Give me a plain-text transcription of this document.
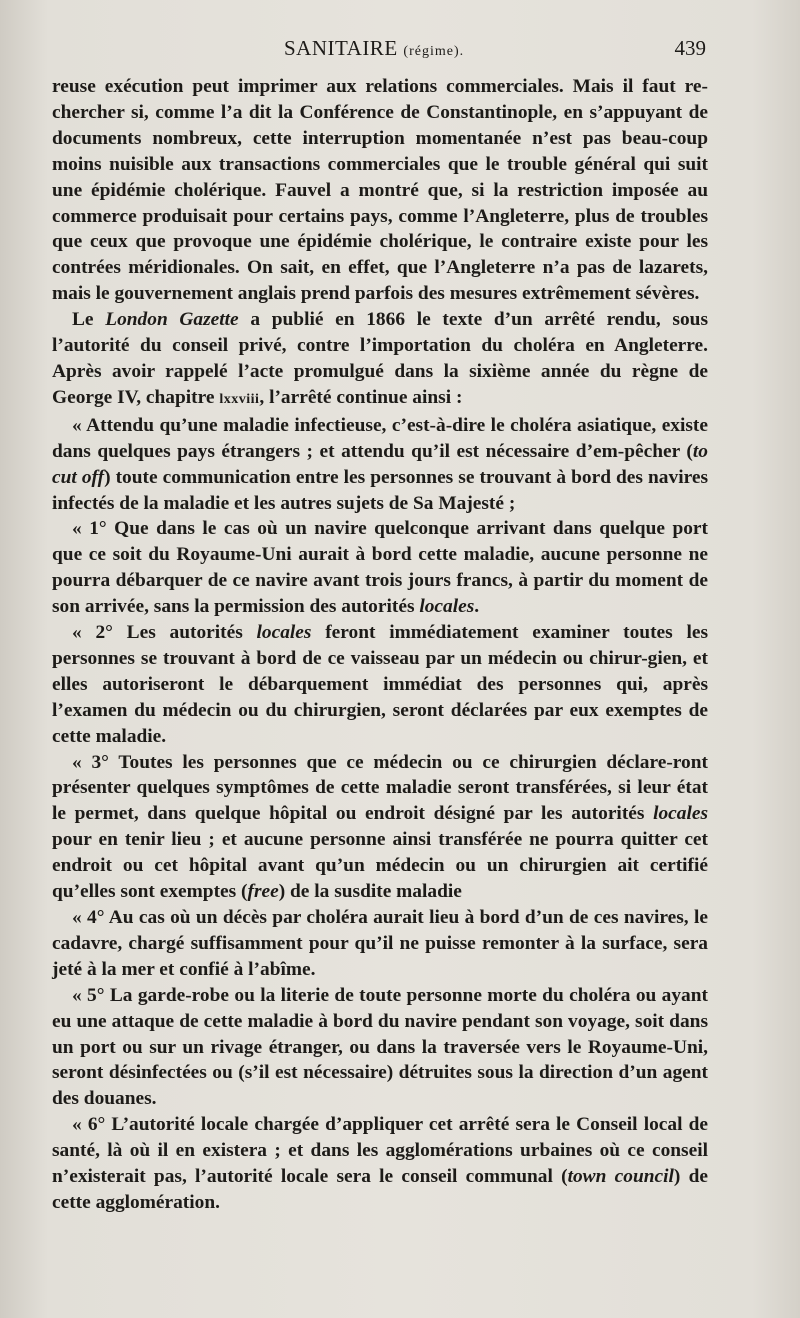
SANITAIRE (régime).	439

reuse exécution peut imprimer aux relations commerciales. Mais il faut re-chercher si, comme l’a dit la Conférence de Constantinople, en s’appuyant de documents nombreux, cette interruption momentanée n’est pas beau-coup moins nuisible aux transactions commerciales que le trouble général qui suit une épidémie cholérique. Fauvel a montré que, si la restriction imposée au commerce produisait pour certains pays, comme l’Angleterre, plus de troubles que ceux que provoque une épidémie cholérique, le contraire existe pour les contrées méridionales. On sait, en effet, que l’Angleterre n’a pas de lazarets, mais le gouvernement anglais prend parfois des mesures extrêmement sévères.

Le London Gazette a publié en 1866 le texte d’un arrêté rendu, sous l’autorité du conseil privé, contre l’importation du choléra en Angleterre. Après avoir rappelé l’acte promulgué dans la sixième année du règne de George IV, chapitre lxxviii, l’arrêté continue ainsi :

« Attendu qu’une maladie infectieuse, c’est-à-dire le choléra asiatique, existe dans quelques pays étrangers ; et attendu qu’il est nécessaire d’em-pêcher (to cut off) toute communication entre les personnes se trouvant à bord des navires infectés de la maladie et les autres sujets de Sa Majesté ;

« 1° Que dans le cas où un navire quelconque arrivant dans quelque port que ce soit du Royaume-Uni aurait à bord cette maladie, aucune personne ne pourra débarquer de ce navire avant trois jours francs, à partir du moment de son arrivée, sans la permission des autorités locales.

« 2° Les autorités locales feront immédiatement examiner toutes les personnes se trouvant à bord de ce vaisseau par un médecin ou chirur-gien, et elles autoriseront le débarquement immédiat des personnes qui, après l’examen du médecin ou du chirurgien, seront déclarées par eux exemptes de cette maladie.

« 3° Toutes les personnes que ce médecin ou ce chirurgien déclare-ront présenter quelques symptômes de cette maladie seront transférées, si leur état le permet, dans quelque hôpital ou endroit désigné par les autorités locales pour en tenir lieu ; et aucune personne ainsi transférée ne pourra quitter cet endroit ou cet hôpital avant qu’un médecin ou un chirurgien ait certifié qu’elles sont exemptes (free) de la susdite maladie

« 4° Au cas où un décès par choléra aurait lieu à bord d’un de ces navires, le cadavre, chargé suffisamment pour qu’il ne puisse remonter à la surface, sera jeté à la mer et confié à l’abîme.

« 5° La garde-robe ou la literie de toute personne morte du choléra ou ayant eu une attaque de cette maladie à bord du navire pendant son voyage, soit dans un port ou sur un rivage étranger, ou dans la traversée vers le Royaume-Uni, seront désinfectées ou (s’il est nécessaire) détruites sous la direction d’un agent des douanes.

« 6° L’autorité locale chargée d’appliquer cet arrêté sera le Conseil local de santé, là où il en existera ; et dans les agglomérations urbaines où ce conseil n’existerait pas, l’autorité locale sera le conseil communal (town council) de cette agglomération.
